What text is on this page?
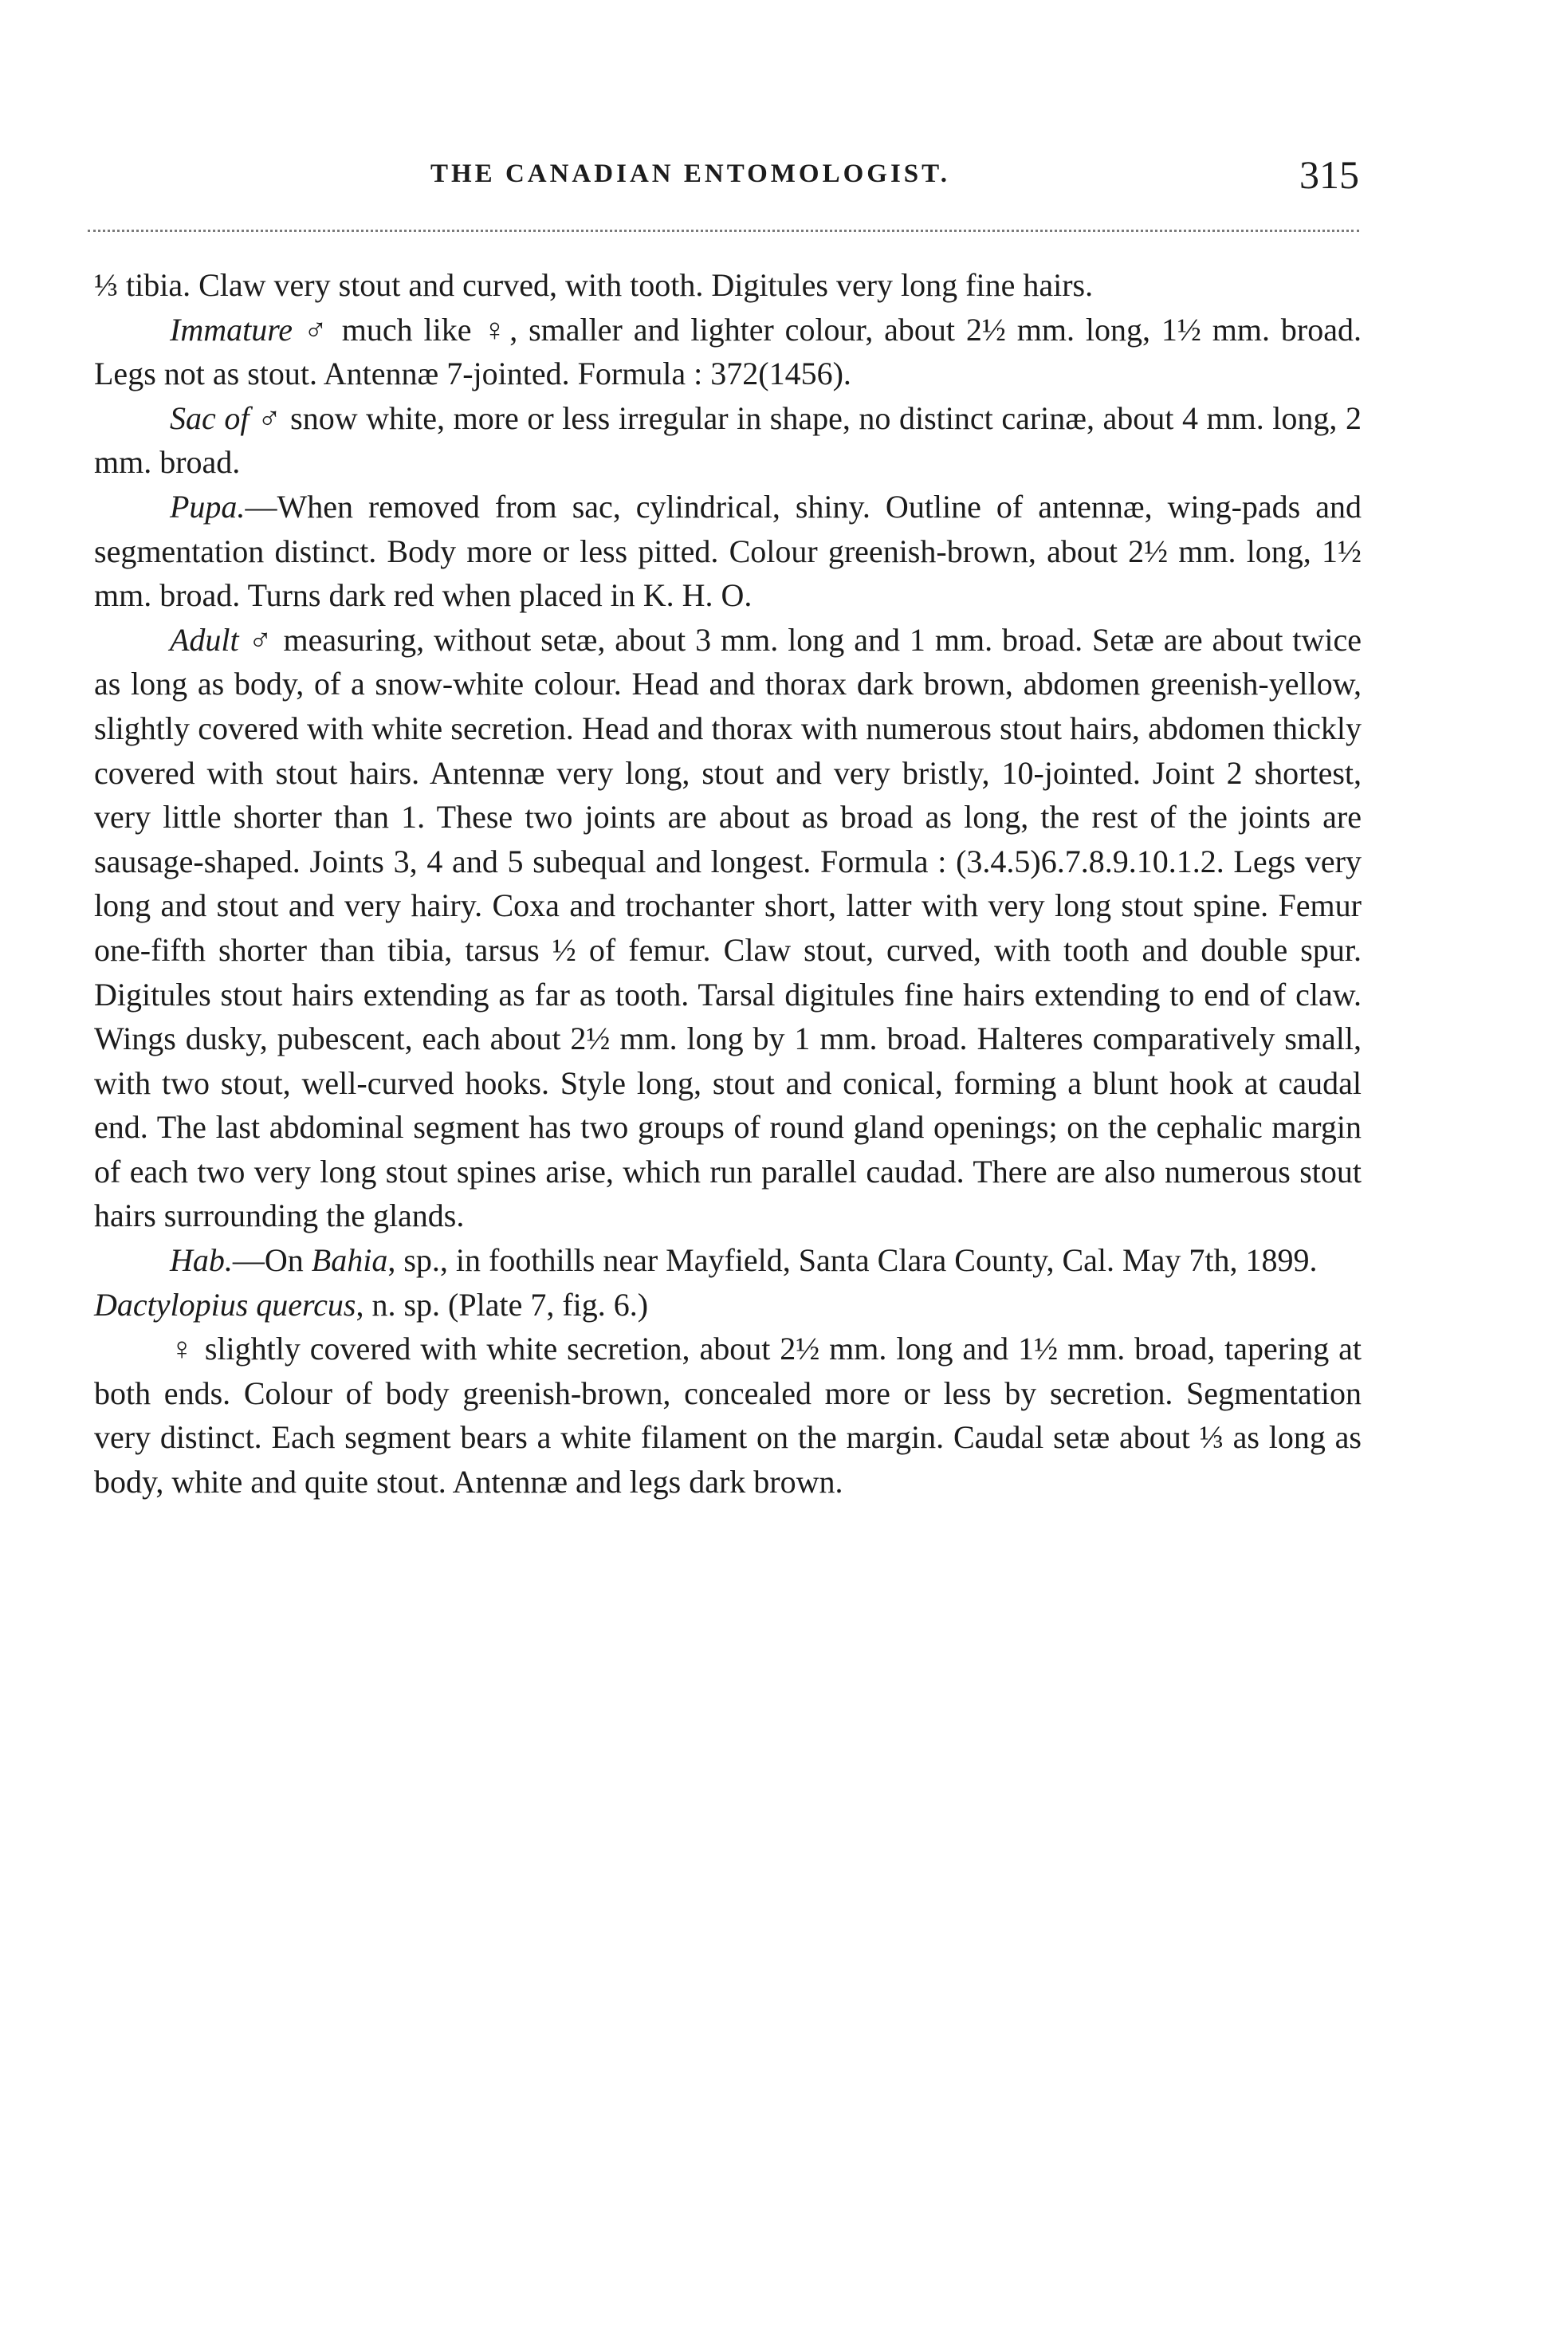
THE CANADIAN ENTOMOLOGIST.	315

⅓ tibia. Claw very stout and curved, with tooth. Digitules very long fine hairs.

Immature ♂ much like ♀, smaller and lighter colour, about 2½ mm. long, 1½ mm. broad. Legs not as stout. Antennæ 7-jointed. Formula : 372(1456).

Sac of ♂ snow white, more or less irregular in shape, no distinct carinæ, about 4 mm. long, 2 mm. broad.

Pupa.—When removed from sac, cylindrical, shiny. Outline of antennæ, wing-pads and segmentation distinct. Body more or less pitted. Colour greenish-brown, about 2½ mm. long, 1½ mm. broad. Turns dark red when placed in K. H. O.

Adult ♂ measuring, without setæ, about 3 mm. long and 1 mm. broad. Setæ are about twice as long as body, of a snow-white colour. Head and thorax dark brown, abdomen greenish-yellow, slightly covered with white secretion. Head and thorax with numerous stout hairs, abdomen thickly covered with stout hairs. Antennæ very long, stout and very bristly, 10-jointed. Joint 2 shortest, very little shorter than 1. These two joints are about as broad as long, the rest of the joints are sausage-shaped. Joints 3, 4 and 5 subequal and longest. Formula : (3.4.5)6.7.8.9.10.1.2. Legs very long and stout and very hairy. Coxa and trochanter short, latter with very long stout spine. Femur one-fifth shorter than tibia, tarsus ½ of femur. Claw stout, curved, with tooth and double spur. Digitules stout hairs extending as far as tooth. Tarsal digitules fine hairs extending to end of claw. Wings dusky, pubescent, each about 2½ mm. long by 1 mm. broad. Halteres comparatively small, with two stout, well-curved hooks. Style long, stout and conical, forming a blunt hook at caudal end. The last abdominal segment has two groups of round gland openings; on the cephalic margin of each two very long stout spines arise, which run parallel caudad. There are also numerous stout hairs surrounding the glands.

Hab.—On Bahia, sp., in foothills near Mayfield, Santa Clara County, Cal. May 7th, 1899.

Dactylopius quercus, n. sp. (Plate 7, fig. 6.)

♀ slightly covered with white secretion, about 2½ mm. long and 1½ mm. broad, tapering at both ends. Colour of body greenish-brown, concealed more or less by secretion. Segmentation very distinct. Each segment bears a white filament on the margin. Caudal setæ about ⅓ as long as body, white and quite stout. Antennæ and legs dark brown.
